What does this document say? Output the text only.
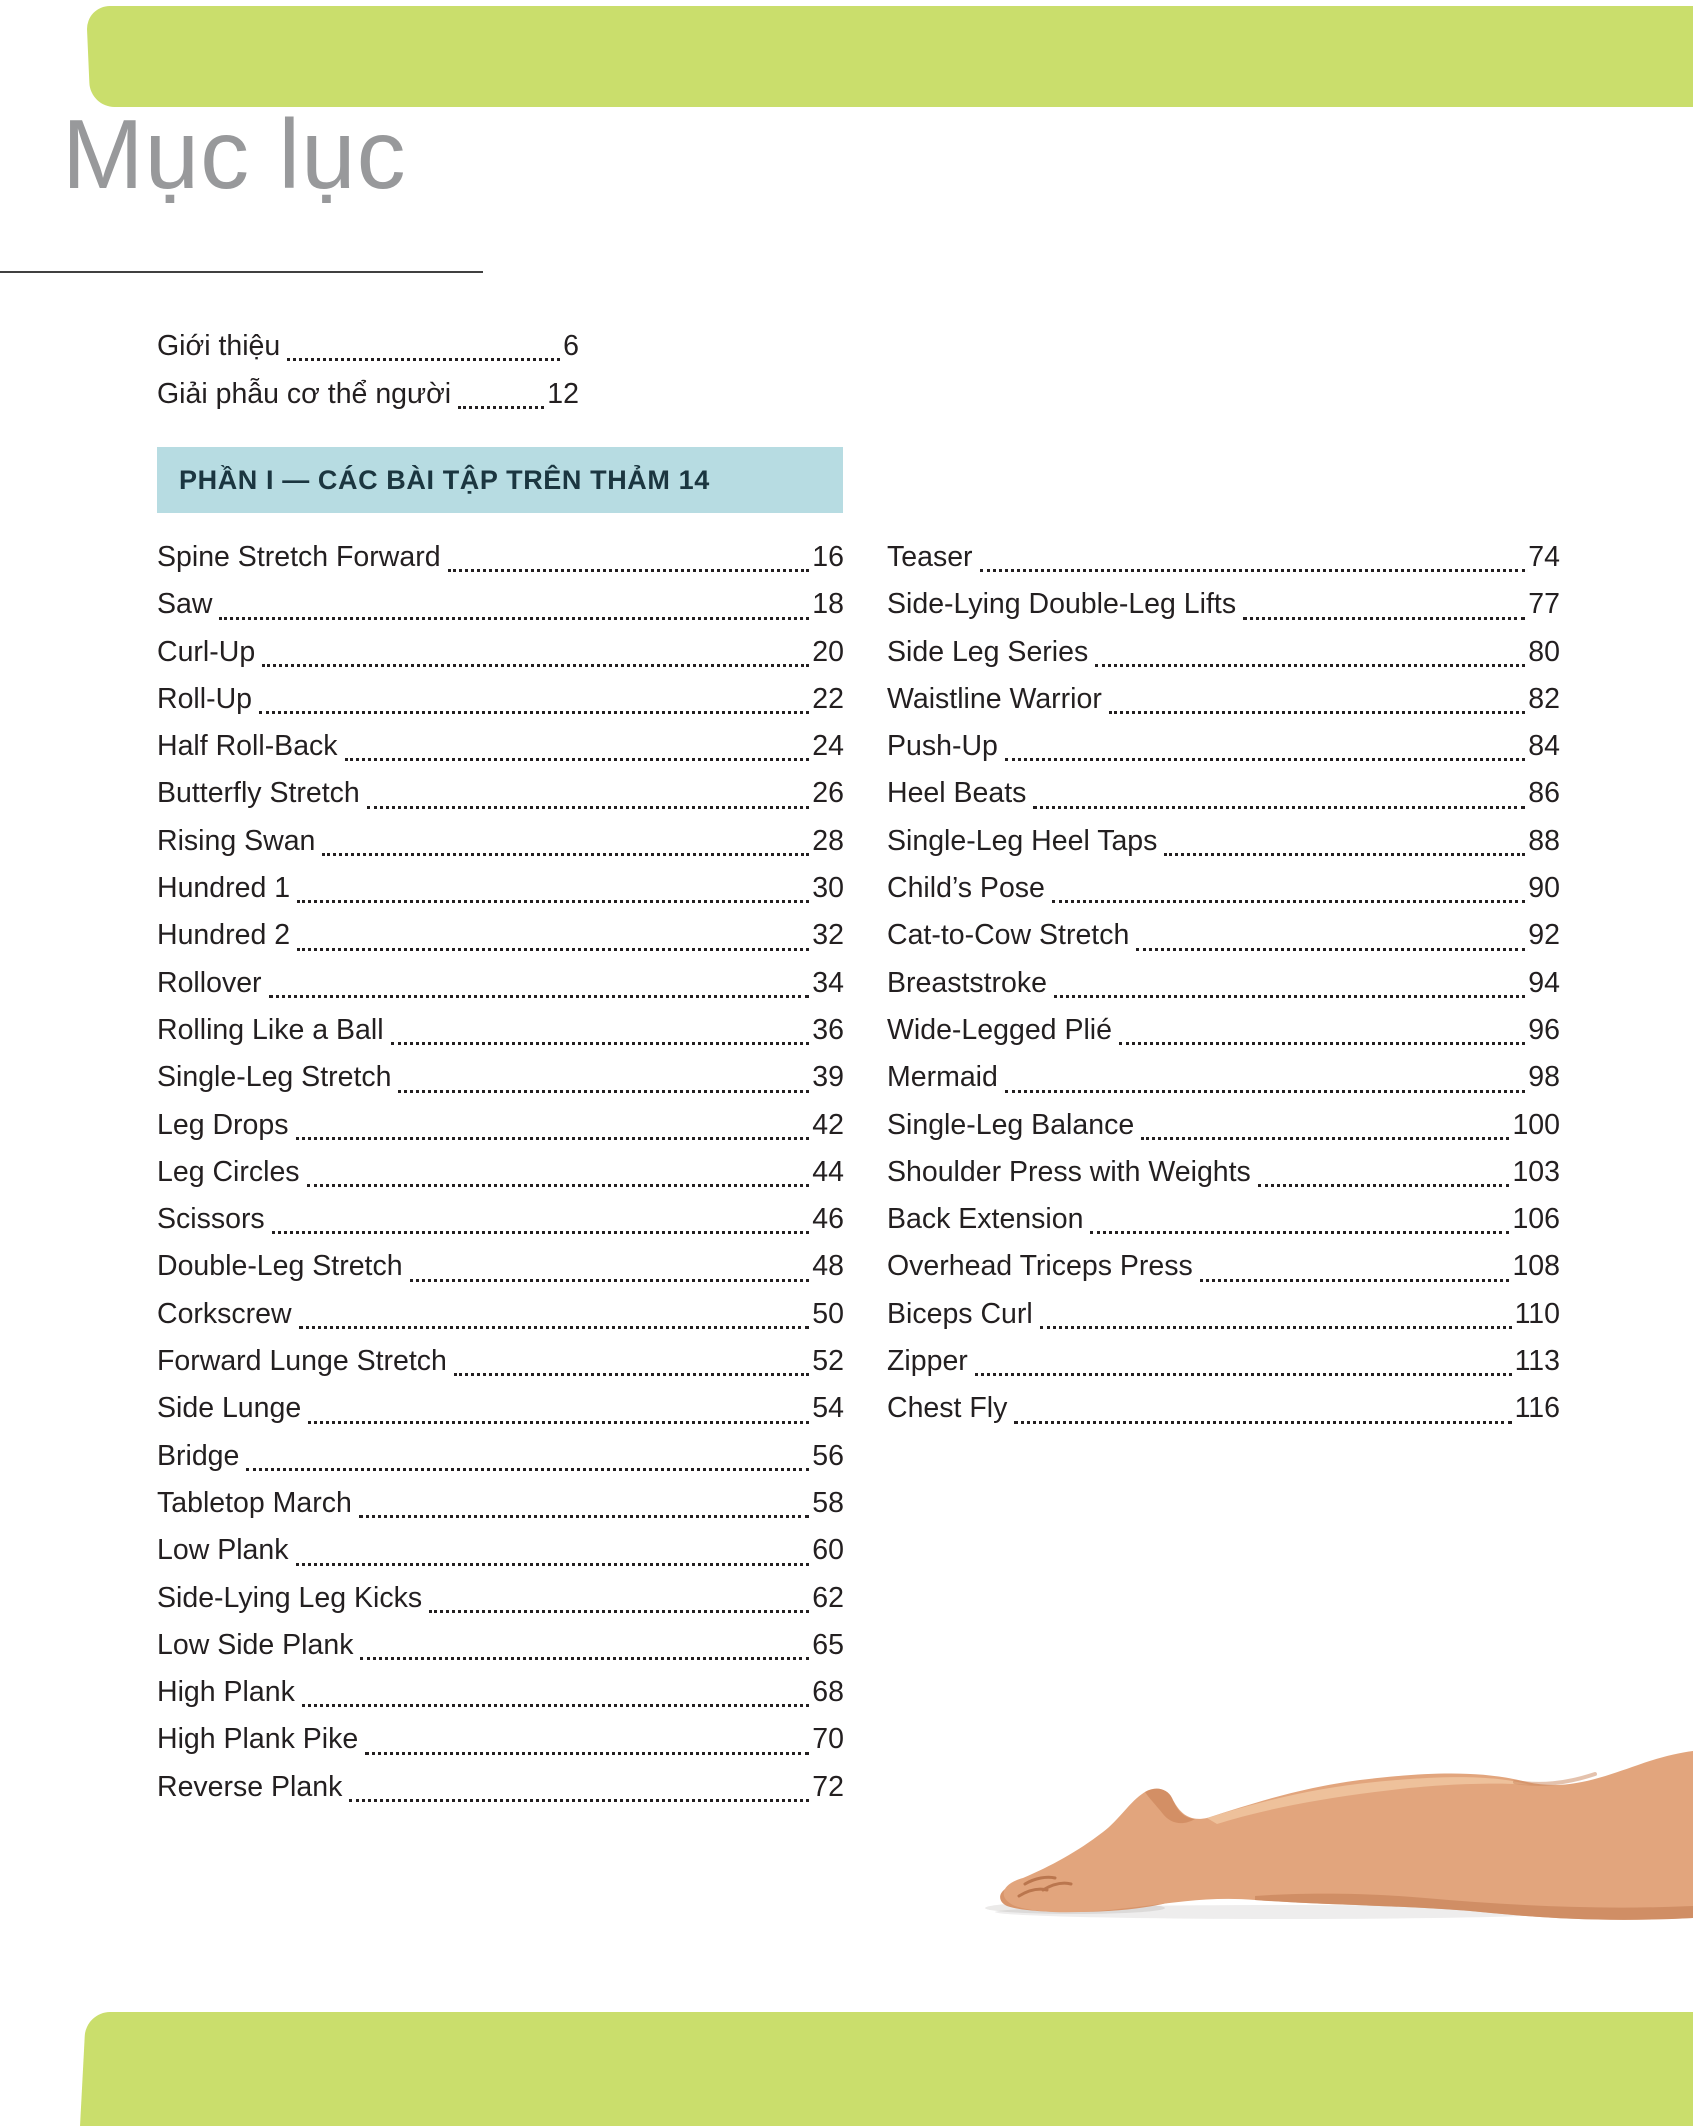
Mục lục
Giới thiệu	6
Giải phẫu cơ thể người	12
PHẦN I — CÁC BÀI TẬP TRÊN THẢM 14
Spine Stretch Forward	16
Saw	18
Curl-Up	20
Roll-Up	22
Half Roll-Back	24
Butterfly Stretch	26
Rising Swan	28
Hundred 1	30
Hundred 2	32
Rollover	34
Rolling Like a Ball	36
Single-Leg Stretch	39
Leg Drops	42
Leg Circles	44
Scissors	46
Double-Leg Stretch	48
Corkscrew	50
Forward Lunge Stretch	52
Side Lunge	54
Bridge	56
Tabletop March	58
Low Plank	60
Side-Lying Leg Kicks	62
Low Side Plank	65
High Plank	68
High Plank Pike	70
Reverse Plank	72
Teaser	74
Side-Lying Double-Leg Lifts	77
Side Leg Series	80
Waistline Warrior	82
Push-Up	84
Heel Beats	86
Single-Leg Heel Taps	88
Child’s Pose	90
Cat-to-Cow Stretch	92
Breaststroke	94
Wide-Legged Plié	96
Mermaid	98
Single-Leg Balance	100
Shoulder Press with Weights	103
Back Extension	106
Overhead Triceps Press	108
Biceps Curl	110
Zipper	113
Chest Fly	116
